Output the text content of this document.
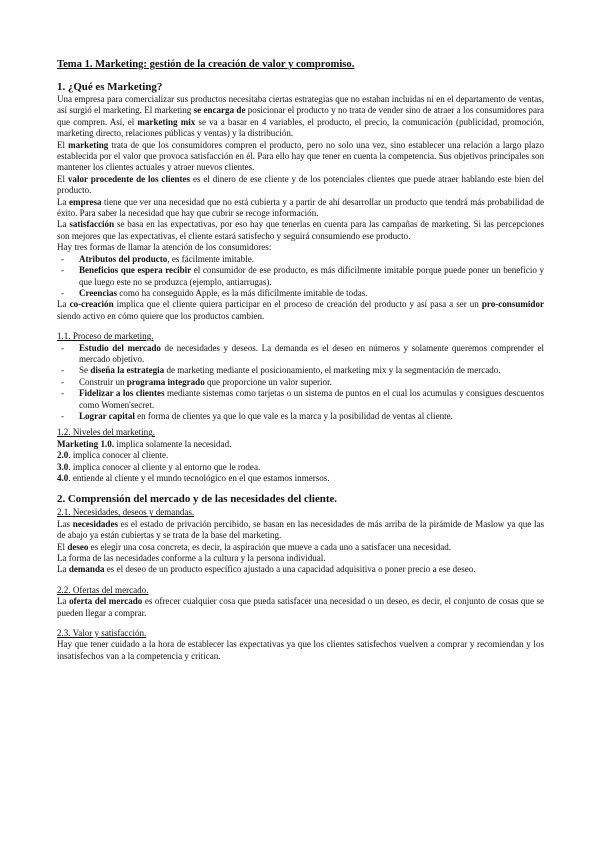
Tema 1. Marketing: gestión de la creación de valor y compromiso.
1. ¿Qué es Marketing?

Una empresa para comercializar sus productos necesitaba ciertas estrategias que no estaban incluidas ni en el departamento de ventas, así surgió el marketing. El marketing se encarga de posicionar el producto y no trata de vender sino de atraer a los consumidores para que compren. Así, el marketing mix se va a basar en 4 variables, el producto, el precio, la comunicación (publicidad, promoción, marketing directo, relaciones públicas y ventas) y la distribución.

El marketing trata de que los consumidores compren el producto, pero no solo una vez, sino establecer una relación a largo plazo establecida por el valor que provoca satisfacción en él. Para ello hay que tener en cuenta la competencia. Sus objetivos principales son mantener los clientes actuales y atraer nuevos clientes.

El valor procedente de los clientes es el dinero de ese cliente y de los potenciales clientes que puede atraer hablando este bien del producto.

La empresa tiene que ver una necesidad que no está cubierta y a partir de ahí desarrollar un producto que tendrá más probabilidad de éxito. Para saber la necesidad que hay que cubrir se recoge información.

La satisfacción se basa en las expectativas, por eso hay que tenerlas en cuenta para las campañas de marketing. Si las percepciones son mejores que las expectativas, el cliente estará satisfecho y seguirá consumiendo ese producto.

Hay tres formas de llamar la atención de los consumidores:

- Atributos del producto, es fácilmente imitable.
- Beneficios que espera recibir el consumidor de ese producto, es más difícilmente imitable porque puede poner un beneficio y que luego este no se produzca (ejemplo, antiarrugas).
- Creencias como ha conseguido Apple, es la más difícilmente imitable de todas.

La co-creación implica que el cliente quiera participar en el proceso de creación del producto y así pasa a ser un pro-consumidor siendo activo en cómo quiere que los productos cambien.

1.1. Proceso de marketing.
- Estudio del mercado de necesidades y deseos. La demanda es el deseo en números y solamente queremos comprender el mercado objetivo.
- Se diseña la estrategia de marketing mediante el posicionamiento, el marketing mix y la segmentación de mercado.
- Construir un programa integrado que proporcione un valor superior.
- Fidelizar a los clientes mediante sistemas como tarjetas o un sistema de puntos en el cual los acumulas y consigues descuentos como Women'secret.
- Lograr capital en forma de clientes ya que lo que vale es la marca y la posibilidad de ventas al cliente.
1.2. Niveles del marketing.

Marketing 1.0. implica solamente la necesidad.

2.0. implica conocer al cliente.

3.0. implica conocer al cliente y al entorno que le rodea.

4.0. entiende al cliente y el mundo tecnológico en el que estamos inmersos.

2. Comprensión del mercado y de las necesidades del cliente.
2.1. Necesidades, deseos y demandas.

Las necesidades es el estado de privación percibido, se basan en las necesidades de más arriba de la pirámide de Maslow ya que las de abajo ya están cubiertas y se trata de la base del marketing.

El deseo es elegir una cosa concreta, es decir, la aspiración que mueve a cada uno a satisfacer una necesidad.

La forma de las necesidades conforme a la cultura y la persona individual.

La demanda es el deseo de un producto específico ajustado a una capacidad adquisitiva o poner precio a ese deseo.

2.2. Ofertas del mercado.

La oferta del mercado es ofrecer cualquier cosa que pueda satisfacer una necesidad o un deseo, es decir, el conjunto de cosas que se pueden llegar a comprar.

2.3. Valor y satisfacción.

Hay que tener cuidado a la hora de establecer las expectativas ya que los clientes satisfechos vuelven a comprar y recomiendan y los insatisfechos van a la competencia y critican.
